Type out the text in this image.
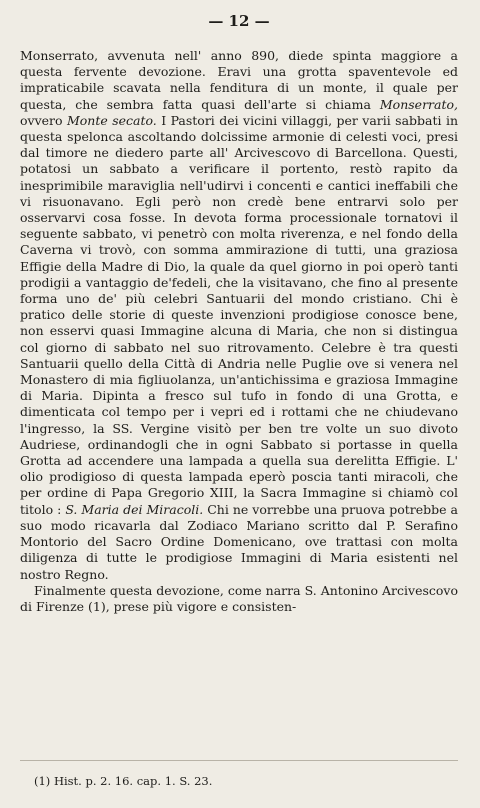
— 12 —

Monserrato, avvenuta nell' anno 890, diede spinta maggiore a questa fervente devozione. Eravi una grotta spaventevole ed impraticabile scavata nella fenditura di un monte, il quale per questa, che sembra fatta quasi dell'arte si chiama Monserrato, ovvero Monte secato. I Pastori dei vicini villaggi, per varii sabbati in questa spelonca ascoltando dolcissime armonie di celesti voci, presi dal timore ne diedero parte all' Arcivescovo di Barcellona. Questi, potatosi un sabbato a verificare il portento, restò rapito da inesprimibile maraviglia nell'udirvi i concenti e cantici ineffabili che vi risuonavano. Egli però non credè bene entrarvi solo per osservarvi cosa fosse. In devota forma processionale tornatovi il seguente sabbato, vi penetrò con molta riverenza, e nel fondo della Caverna vi trovò, con somma ammirazione di tutti, una graziosa Effigie della Madre di Dio, la quale da quel giorno in poi operò tanti prodigii a vantaggio de'fedeli, che la visitavano, che fino al presente forma uno de' più celebri Santuarii del mondo cristiano. Chi è pratico delle storie di queste invenzioni prodigiose conosce bene, non esservi quasi Immagine alcuna di Maria, che non si distingua col giorno di sabbato nel suo ritrovamento. Celebre è tra questi Santuarii quello della Città di Andria nelle Puglie ove si venera nel Monastero di mia figliuolanza, un'antichissima e graziosa Immagine di Maria. Dipinta a fresco sul tufo in fondo di una Grotta, e dimenticata col tempo per i vepri ed i rottami che ne chiudevano l'ingresso, la SS. Vergine visitò per ben tre volte un suo divoto Audriese, ordinandogli che in ogni Sabbato si portasse in quella Grotta ad accendere una lampada a quella sua derelitta Effigie. L' olio prodigioso di questa lampada eperò poscia tanti miracoli, che per ordine di Papa Gregorio XIII, la Sacra Immagine si chiamò col titolo : S. Maria dei Miracoli. Chi ne vorrebbe una pruova potrebbe a suo modo ricavarla dal Zodiaco Mariano scritto dal P. Serafino Montorio del Sacro Ordine Domenicano, ove trattasi con molta diligenza di tutte le prodigiose Immagini di Maria esistenti nel nostro Regno.

Finalmente questa devozione, come narra S. Antonino Arcivescovo di Firenze (1), prese più vigore e consisten-

(1) Hist. p. 2. 16. cap. 1. S. 23.
